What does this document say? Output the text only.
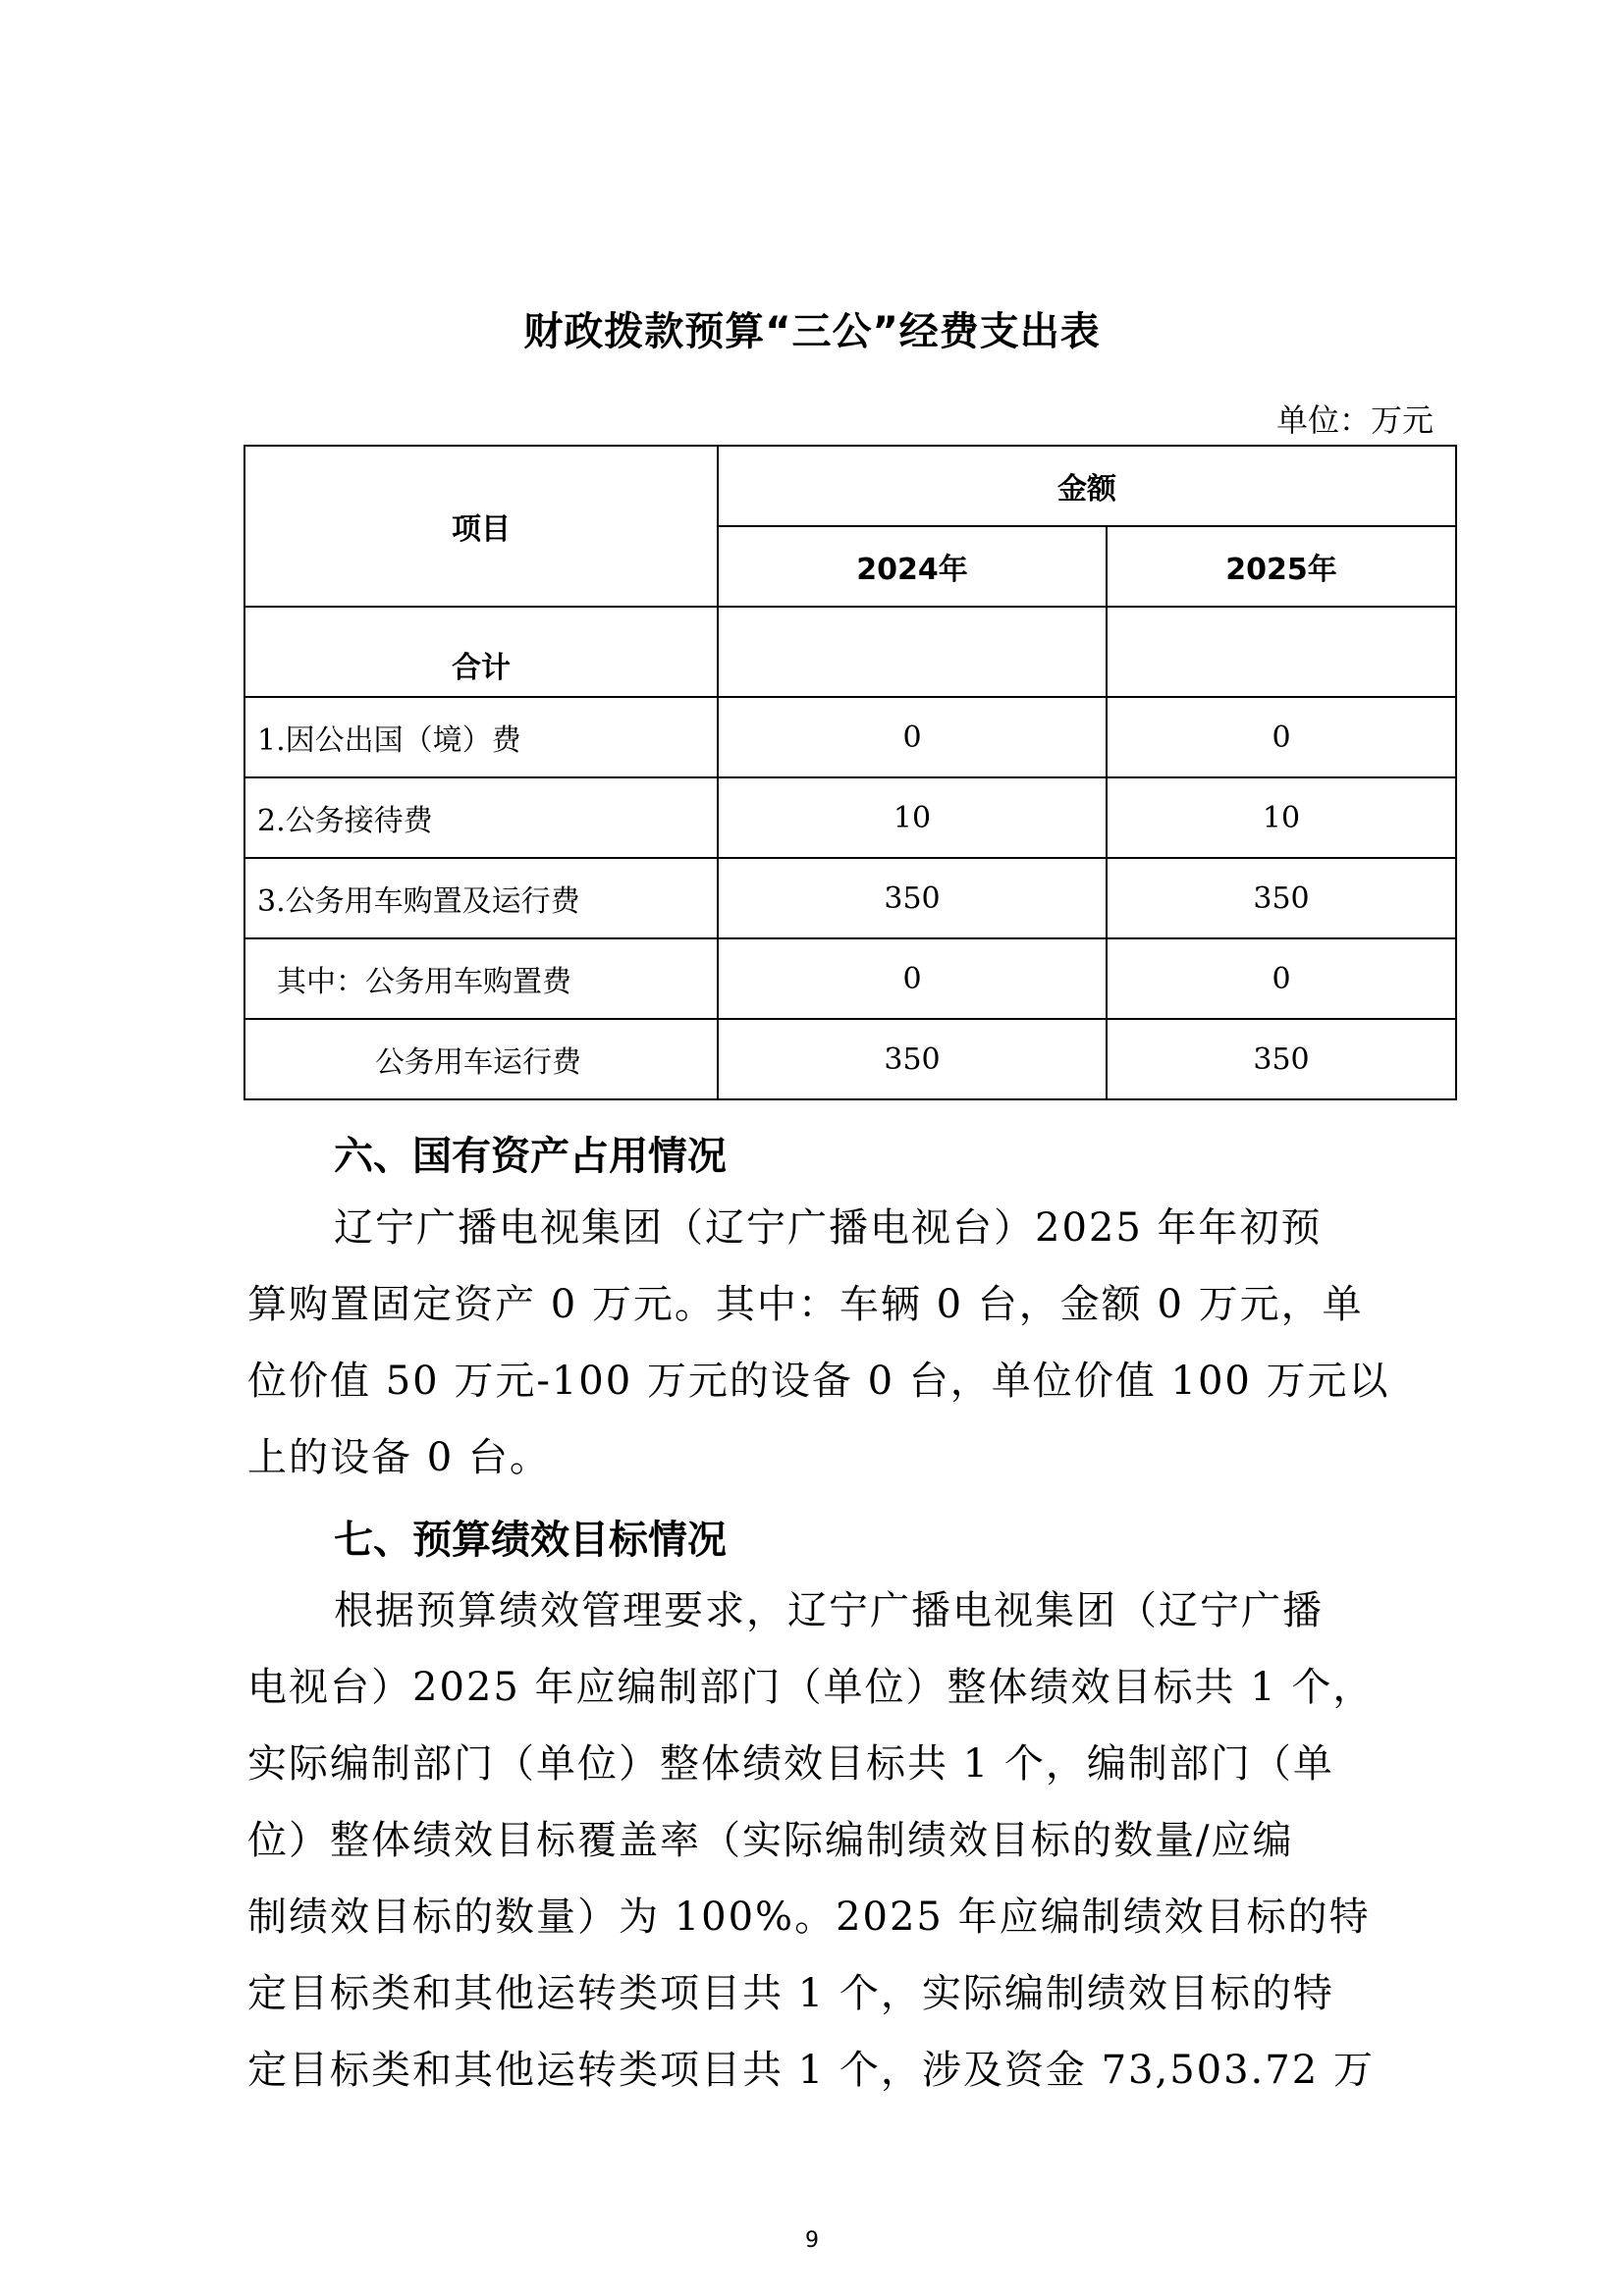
财政拨款预算“三公”经费支出表
单位：万元
项目	金额	
	2024年	2025年
合计		
1.因公出国（境）费	0	0
2.公务接待费	10	10
3.公务用车购置及运行费	350	350
其中：公务用车购置费	0	0
公务用车运行费	350	350
六、国有资产占用情况
辽宁广播电视集团（辽宁广播电视台）2025 年年初预
算购置固定资产 0 万元。其中：车辆 0 台，金额 0 万元，单
位价值 50 万元-100 万元的设备 0 台，单位价值 100 万元以
上的设备 0 台。
七、预算绩效目标情况
根据预算绩效管理要求，辽宁广播电视集团（辽宁广播
电视台）2025 年应编制部门（单位）整体绩效目标共 1 个，
实际编制部门（单位）整体绩效目标共 1 个，编制部门（单
位）整体绩效目标覆盖率（实际编制绩效目标的数量/应编
制绩效目标的数量）为 100%。2025 年应编制绩效目标的特
定目标类和其他运转类项目共 1 个，实际编制绩效目标的特
定目标类和其他运转类项目共 1 个，涉及资金 73,503.72 万
9
